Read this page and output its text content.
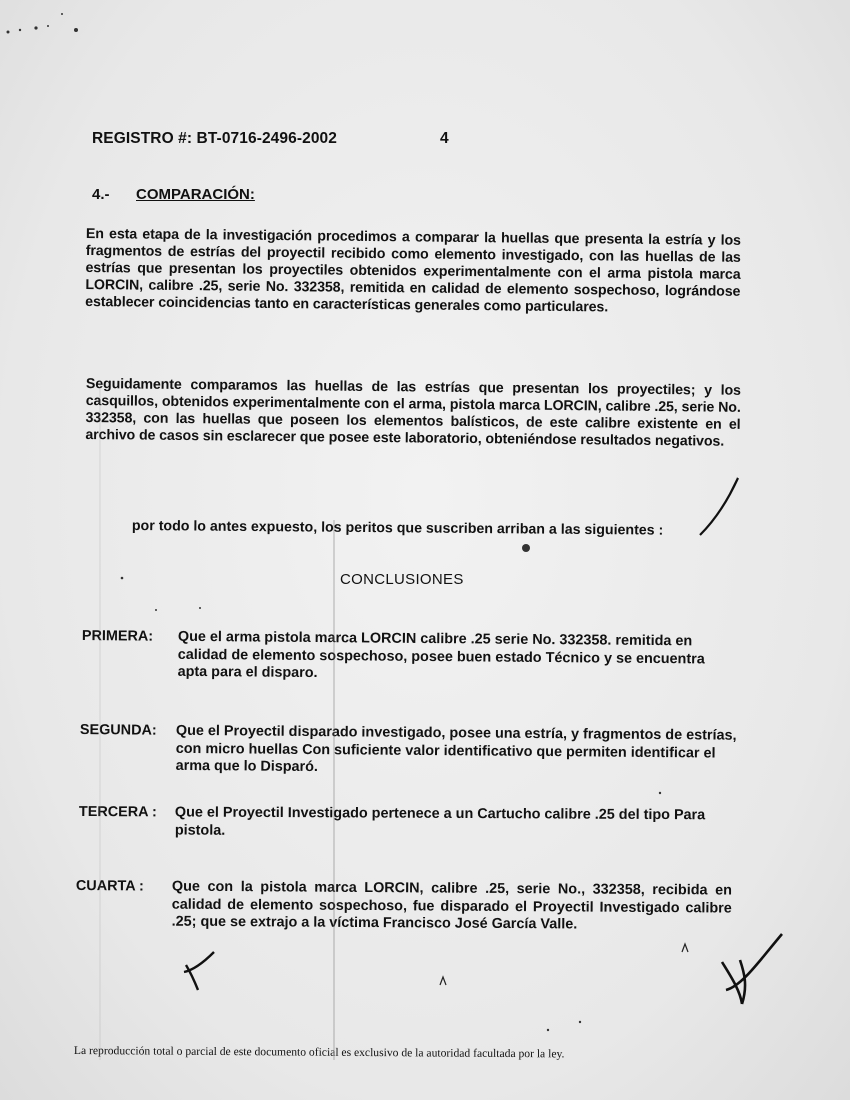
REGISTRO #: BT-0716-2496-2002	4
4.- COMPARACIÓN:

En esta etapa de la investigación procedimos a comparar la huellas que presenta la estría y los fragmentos de estrías del proyectil recibido como elemento investigado, con las huellas de las estrías que presentan los proyectiles obtenidos experimentalmente con el arma pistola marca LORCIN, calibre .25, serie No. 332358, remitida en calidad de elemento sospechoso, lográndose establecer coincidencias tanto en características generales como particulares.

Seguidamente comparamos las huellas de las estrías que presentan los proyectiles; y los casquillos, obtenidos experimentalmente con el arma, pistola marca LORCIN, calibre .25, serie No. 332358, con las huellas que poseen los elementos balísticos, de este calibre existente en el archivo de casos sin esclarecer que posee este laboratorio, obteniéndose resultados negativos.

por todo lo antes expuesto, los peritos que suscriben arriban a las siguientes :
CONCLUSIONES
PRIMERA: Que el arma pistola marca LORCIN calibre .25 serie No. 332358. remitida en calidad de elemento sospechoso, posee buen estado Técnico y se encuentra apta para el disparo.
SEGUNDA: Que el Proyectil disparado investigado, posee una estría, y fragmentos de estrías, con micro huellas Con suficiente valor identificativo que permiten identificar el arma que lo Disparó.
TERCERA : Que el Proyectil Investigado pertenece a un Cartucho calibre .25 del tipo Para pistola.
CUARTA : Que con la pistola marca LORCIN, calibre .25, serie No., 332358, recibida en calidad de elemento sospechoso, fue disparado el Proyectil Investigado calibre .25; que se extrajo a la víctima Francisco José García Valle.
La reproducción total o parcial de este documento oficial es exclusivo de la autoridad facultada por la ley.
